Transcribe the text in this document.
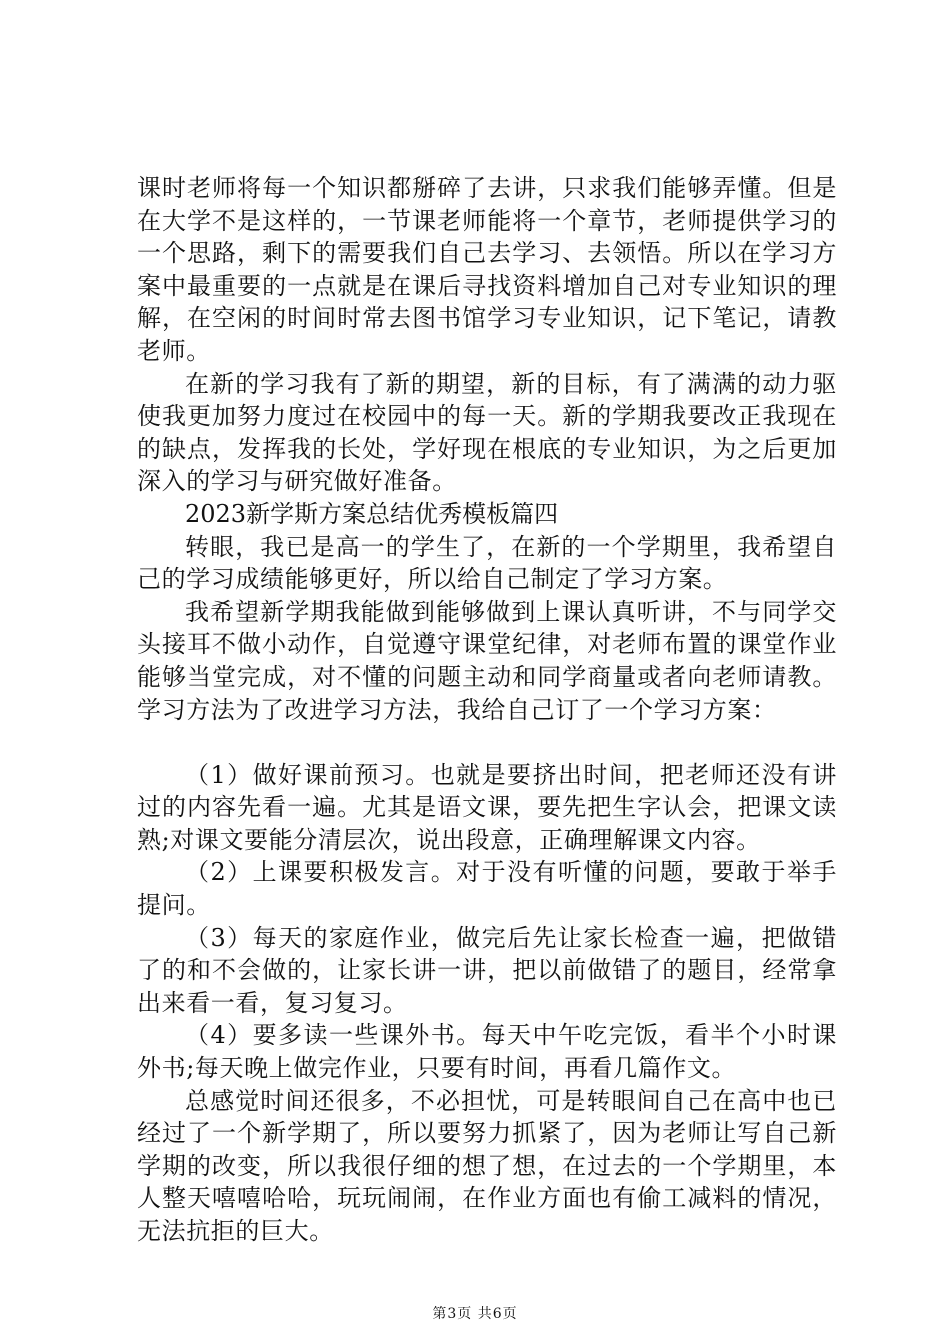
课时老师将每一个知识都掰碎了去讲，只求我们能够弄懂。但是在大学不是这样的，一节课老师能将一个章节，老师提供学习的一个思路，剩下的需要我们自己去学习、去领悟。所以在学习方案中最重要的一点就是在课后寻找资料增加自己对专业知识的理解，在空闲的时间时常去图书馆学习专业知识，记下笔记，请教老师。

在新的学习我有了新的期望，新的目标，有了满满的动力驱使我更加努力度过在校园中的每一天。新的学期我要改正我现在的缺点，发挥我的长处，学好现在根底的专业知识，为之后更加深入的学习与研究做好准备。

2023新学斯方案总结优秀模板篇四

转眼，我已是高一的学生了，在新的一个学期里，我希望自己的学习成绩能够更好，所以给自己制定了学习方案。

我希望新学期我能做到能够做到上课认真听讲，不与同学交头接耳不做小动作，自觉遵守课堂纪律，对老师布置的课堂作业能够当堂完成，对不懂的问题主动和同学商量或者向老师请教。学习方法为了改进学习方法，我给自己订了一个学习方案：

（1）做好课前预习。也就是要挤出时间，把老师还没有讲过的内容先看一遍。尤其是语文课，要先把生字认会，把课文读熟;对课文要能分清层次，说出段意，正确理解课文内容。

（2）上课要积极发言。对于没有听懂的问题，要敢于举手提问。

（3）每天的家庭作业，做完后先让家长检查一遍，把做错了的和不会做的，让家长讲一讲，把以前做错了的题目，经常拿出来看一看，复习复习。

（4）要多读一些课外书。每天中午吃完饭，看半个小时课外书;每天晚上做完作业，只要有时间，再看几篇作文。

总感觉时间还很多，不必担忧，可是转眼间自己在高中也已经过了一个新学期了，所以要努力抓紧了，因为老师让写自己新学期的改变，所以我很仔细的想了想，在过去的一个学期里，本人整天嘻嘻哈哈，玩玩闹闹，在作业方面也有偷工减料的情况，无法抗拒的巨大。

第3页 共6页
